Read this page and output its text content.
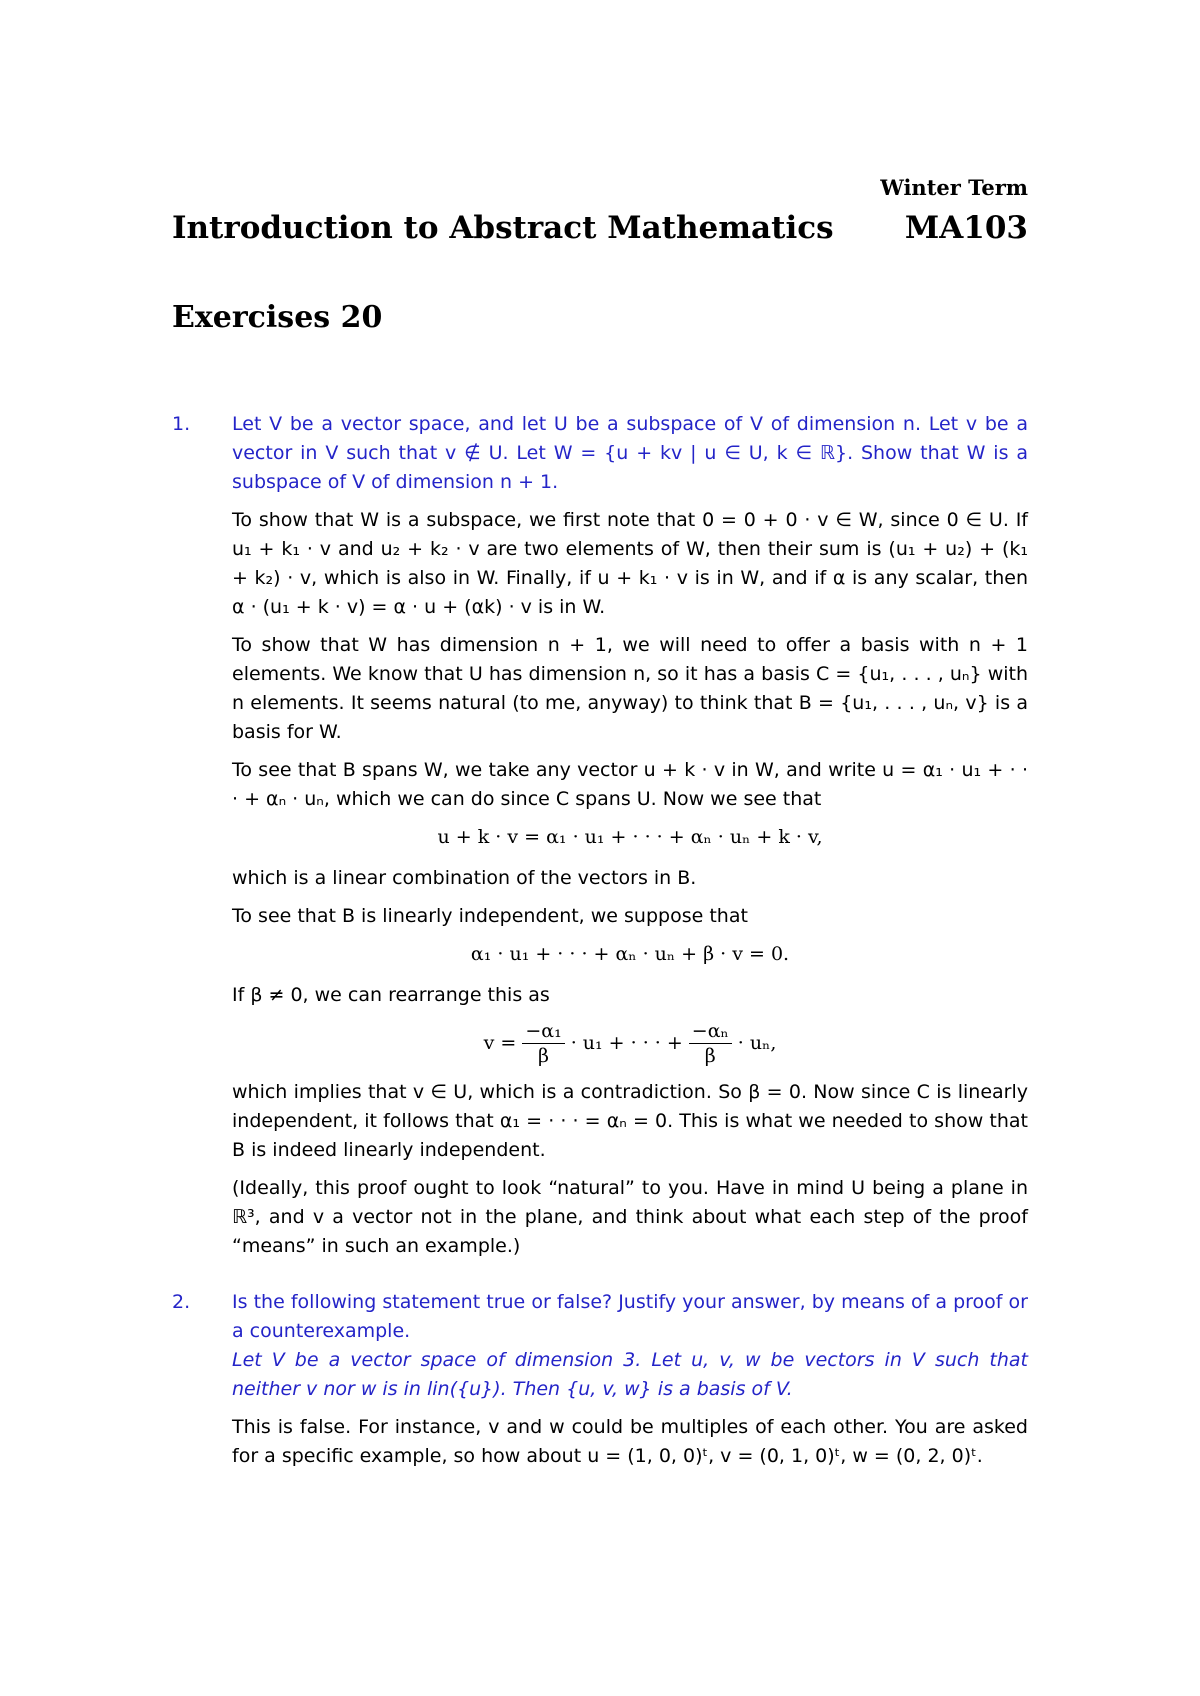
Winter Term
Introduction to Abstract Mathematics MA103
Exercises 20
1.	Let V be a vector space, and let U be a subspace of V of dimension n. Let v be a vector in V such that v ∉ U. Let W = {u + kv | u ∈ U, k ∈ ℝ}. Show that W is a subspace of V of dimension n + 1.

To show that W is a subspace, we first note that 0 = 0 + 0 · v ∈ W, since 0 ∈ U. If u₁ + k₁ · v and u₂ + k₂ · v are two elements of W, then their sum is (u₁ + u₂) + (k₁ + k₂) · v, which is also in W. Finally, if u + k₁ · v is in W, and if α is any scalar, then α · (u₁ + k · v) = α · u + (αk) · v is in W.

To show that W has dimension n + 1, we will need to offer a basis with n + 1 elements. We know that U has dimension n, so it has a basis C = {u₁, . . . , uₙ} with n elements. It seems natural (to me, anyway) to think that B = {u₁, . . . , uₙ, v} is a basis for W.

To see that B spans W, we take any vector u + k · v in W, and write u = α₁ · u₁ + · · · + αₙ · uₙ, which we can do since C spans U. Now we see that

u + k · v = α₁ · u₁ + · · · + αₙ · uₙ + k · v,

which is a linear combination of the vectors in B.

To see that B is linearly independent, we suppose that

α₁ · u₁ + · · · + αₙ · uₙ + β · v = 0.

If β ≠ 0, we can rearrange this as

$v = \frac{\text{−α₁}}{\beta} \cdot u_1$ + · · · + $\frac{\text{−αₙ}}{\beta} \cdot u_n$,

which implies that v ∈ U, which is a contradiction. So β = 0. Now since C is linearly independent, it follows that α₁ = · · · = αₙ = 0. This is what we needed to show that B is indeed linearly independent.

(Ideally, this proof ought to look “natural” to you. Have in mind U being a plane in ℝ³, and v a vector not in the plane, and think about what each step of the proof “means” in such an example.)

2.	Is the following statement true or false? Justify your answer, by means of a proof or a counterexample.

Let V be a vector space of dimension 3. Let u, v, w be vectors in V such that neither v nor w is in lin({u}). Then {u, v, w} is a basis of V.

This is false. For instance, v and w could be multiples of each other. You are asked for a specific example, so how about u = (1, 0, 0)ᵗ, v = (0, 1, 0)ᵗ, w = (0, 2, 0)ᵗ.
